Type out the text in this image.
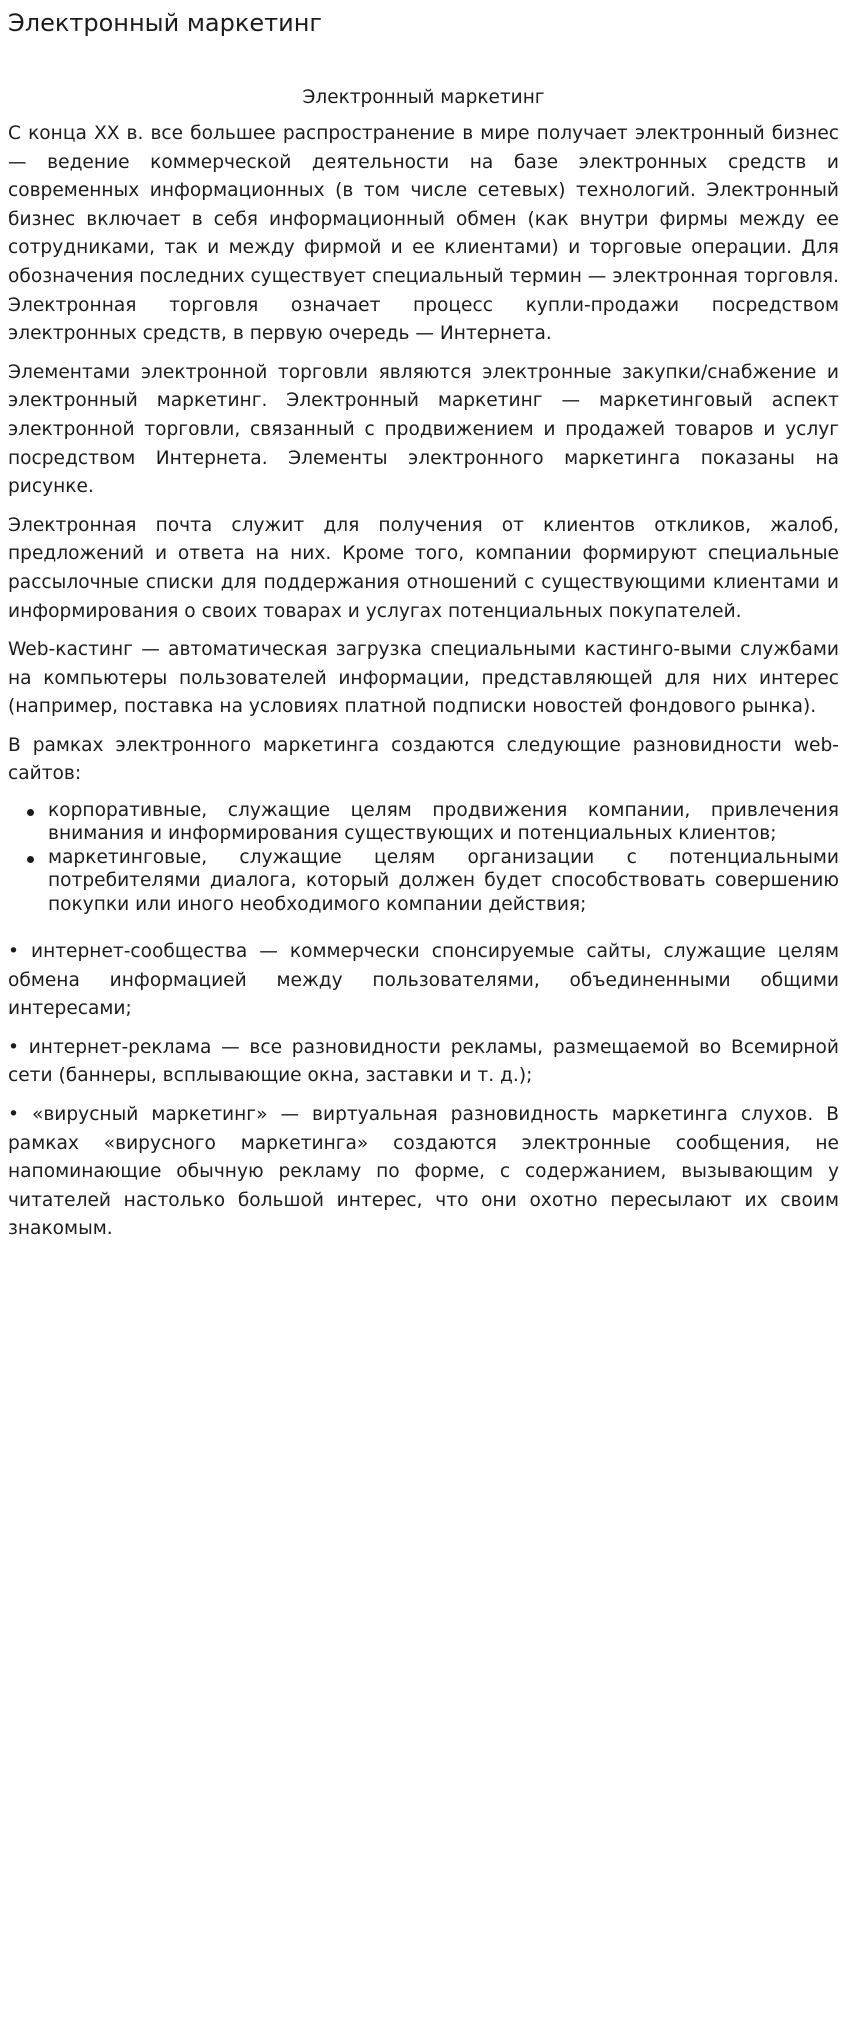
Электронный маркетинг
Электронный маркетинг

С конца XX в. все большее распространение в мире получает электронный бизнес — ведение коммерческой деятельности на базе электронных средств и современных информационных (в том числе сетевых) технологий. Электронный бизнес включает в себя информационный обмен (как внутри фирмы между ее сотрудниками, так и между фирмой и ее клиентами) и торговые операции. Для обозначения последних существует специальный термин — электронная торговля. Электронная торговля означает процесс купли-продажи посредством электронных средств, в первую очередь — Интернета.

Элементами электронной торговли являются электронные закупки/снабжение и электронный маркетинг. Электронный маркетинг — маркетинговый аспект электронной торговли, связанный с продвижением и продажей товаров и услуг посредством Интернета. Элементы электронного маркетинга показаны на рисунке.

Электронная почта служит для получения от клиентов откликов, жалоб, предложений и ответа на них. Кроме того, компании формируют специальные рассылочные списки для поддержания отношений с существующими клиентами и информирования о своих товарах и услугах потенциальных покупателей.

Web-кастинг — автоматическая загрузка специальными кастинго-выми службами на компьютеры пользователей информации, представляющей для них интерес (например, поставка на условиях платной подписки новостей фондового рынка).

В рамках электронного маркетинга создаются следующие разновидности web-сайтов:

корпоративные, служащие целям продвижения компании, привлечения внимания и информирования существующих и потенциальных клиентов;
маркетинговые, служащие целям организации с потенциальными потребителями диалога, который должен будет способствовать совершению покупки или иного необходимого компании действия;

• интернет-сообщества — коммерчески спонсируемые сайты, служащие целям обмена информацией между пользователями, объединенными общими интересами;

• интернет-реклама — все разновидности рекламы, размещаемой во Всемирной сети (баннеры, всплывающие окна, заставки и т. д.);

• «вирусный маркетинг» — виртуальная разновидность маркетинга слухов. В рамках «вирусного маркетинга» создаются электронные сообщения, не напоминающие обычную рекламу по форме, с содержанием, вызывающим у читателей настолько большой интерес, что они охотно пересылают их своим знакомым.
